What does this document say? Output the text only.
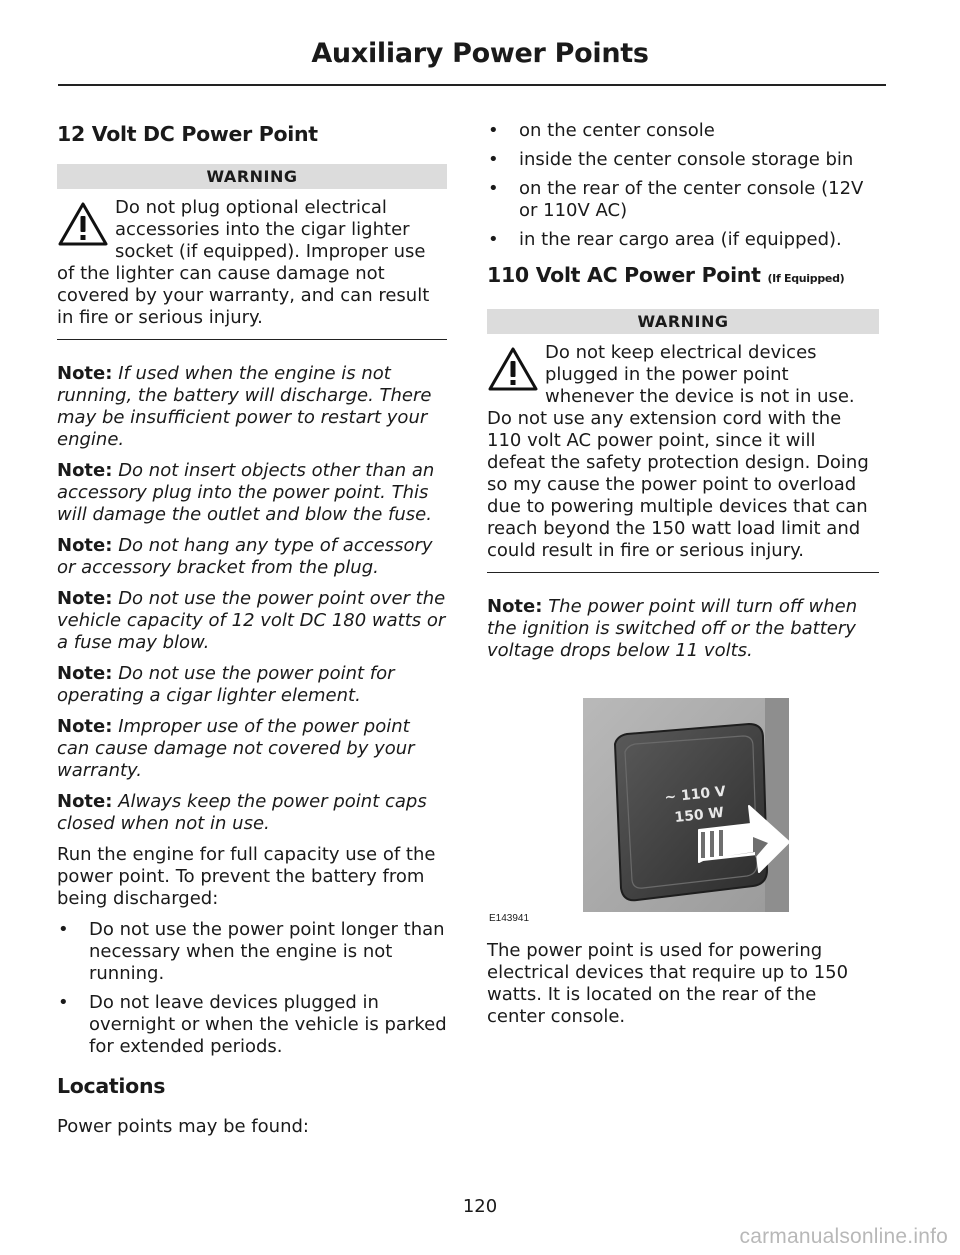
Auxiliary Power Points
12 Volt DC Power Point
WARNING
Do not plug optional electrical accessories into the cigar lighter socket (if equipped). Improper use of the lighter can cause damage not covered by your warranty, and can result in fire or serious injury.

Note: If used when the engine is not running, the battery will discharge. There may be insufficient power to restart your engine.

Note: Do not insert objects other than an accessory plug into the power point. This will damage the outlet and blow the fuse.

Note: Do not hang any type of accessory or accessory bracket from the plug.

Note: Do not use the power point over the vehicle capacity of 12 volt DC 180 watts or a fuse may blow.

Note: Do not use the power point for operating a cigar lighter element.

Note: Improper use of the power point can cause damage not covered by your warranty.

Note: Always keep the power point caps closed when not in use.

Run the engine for full capacity use of the power point. To prevent the battery from being discharged:

• Do not use the power point longer than necessary when the engine is not running.
• Do not leave devices plugged in overnight or when the vehicle is parked for extended periods.
Locations

Power points may be found:

• on the center console
• inside the center console storage bin
• on the rear of the center console (12V or 110V AC)
• in the rear cargo area (if equipped).
110 Volt AC Power Point (If Equipped)
WARNING
Do not keep electrical devices plugged in the power point whenever the device is not in use. Do not use any extension cord with the 110 volt AC power point, since it will defeat the safety protection design. Doing so my cause the power point to overload due to powering multiple devices that can reach beyond the 150 watt load limit and could result in fire or serious injury.

Note: The power point will turn off when the ignition is switched off or the battery voltage drops below 11 volts.

~ 110 V
150 W
E143941

The power point is used for powering electrical devices that require up to 150 watts. It is located on the rear of the center console.

120
carmanualsonline.info
